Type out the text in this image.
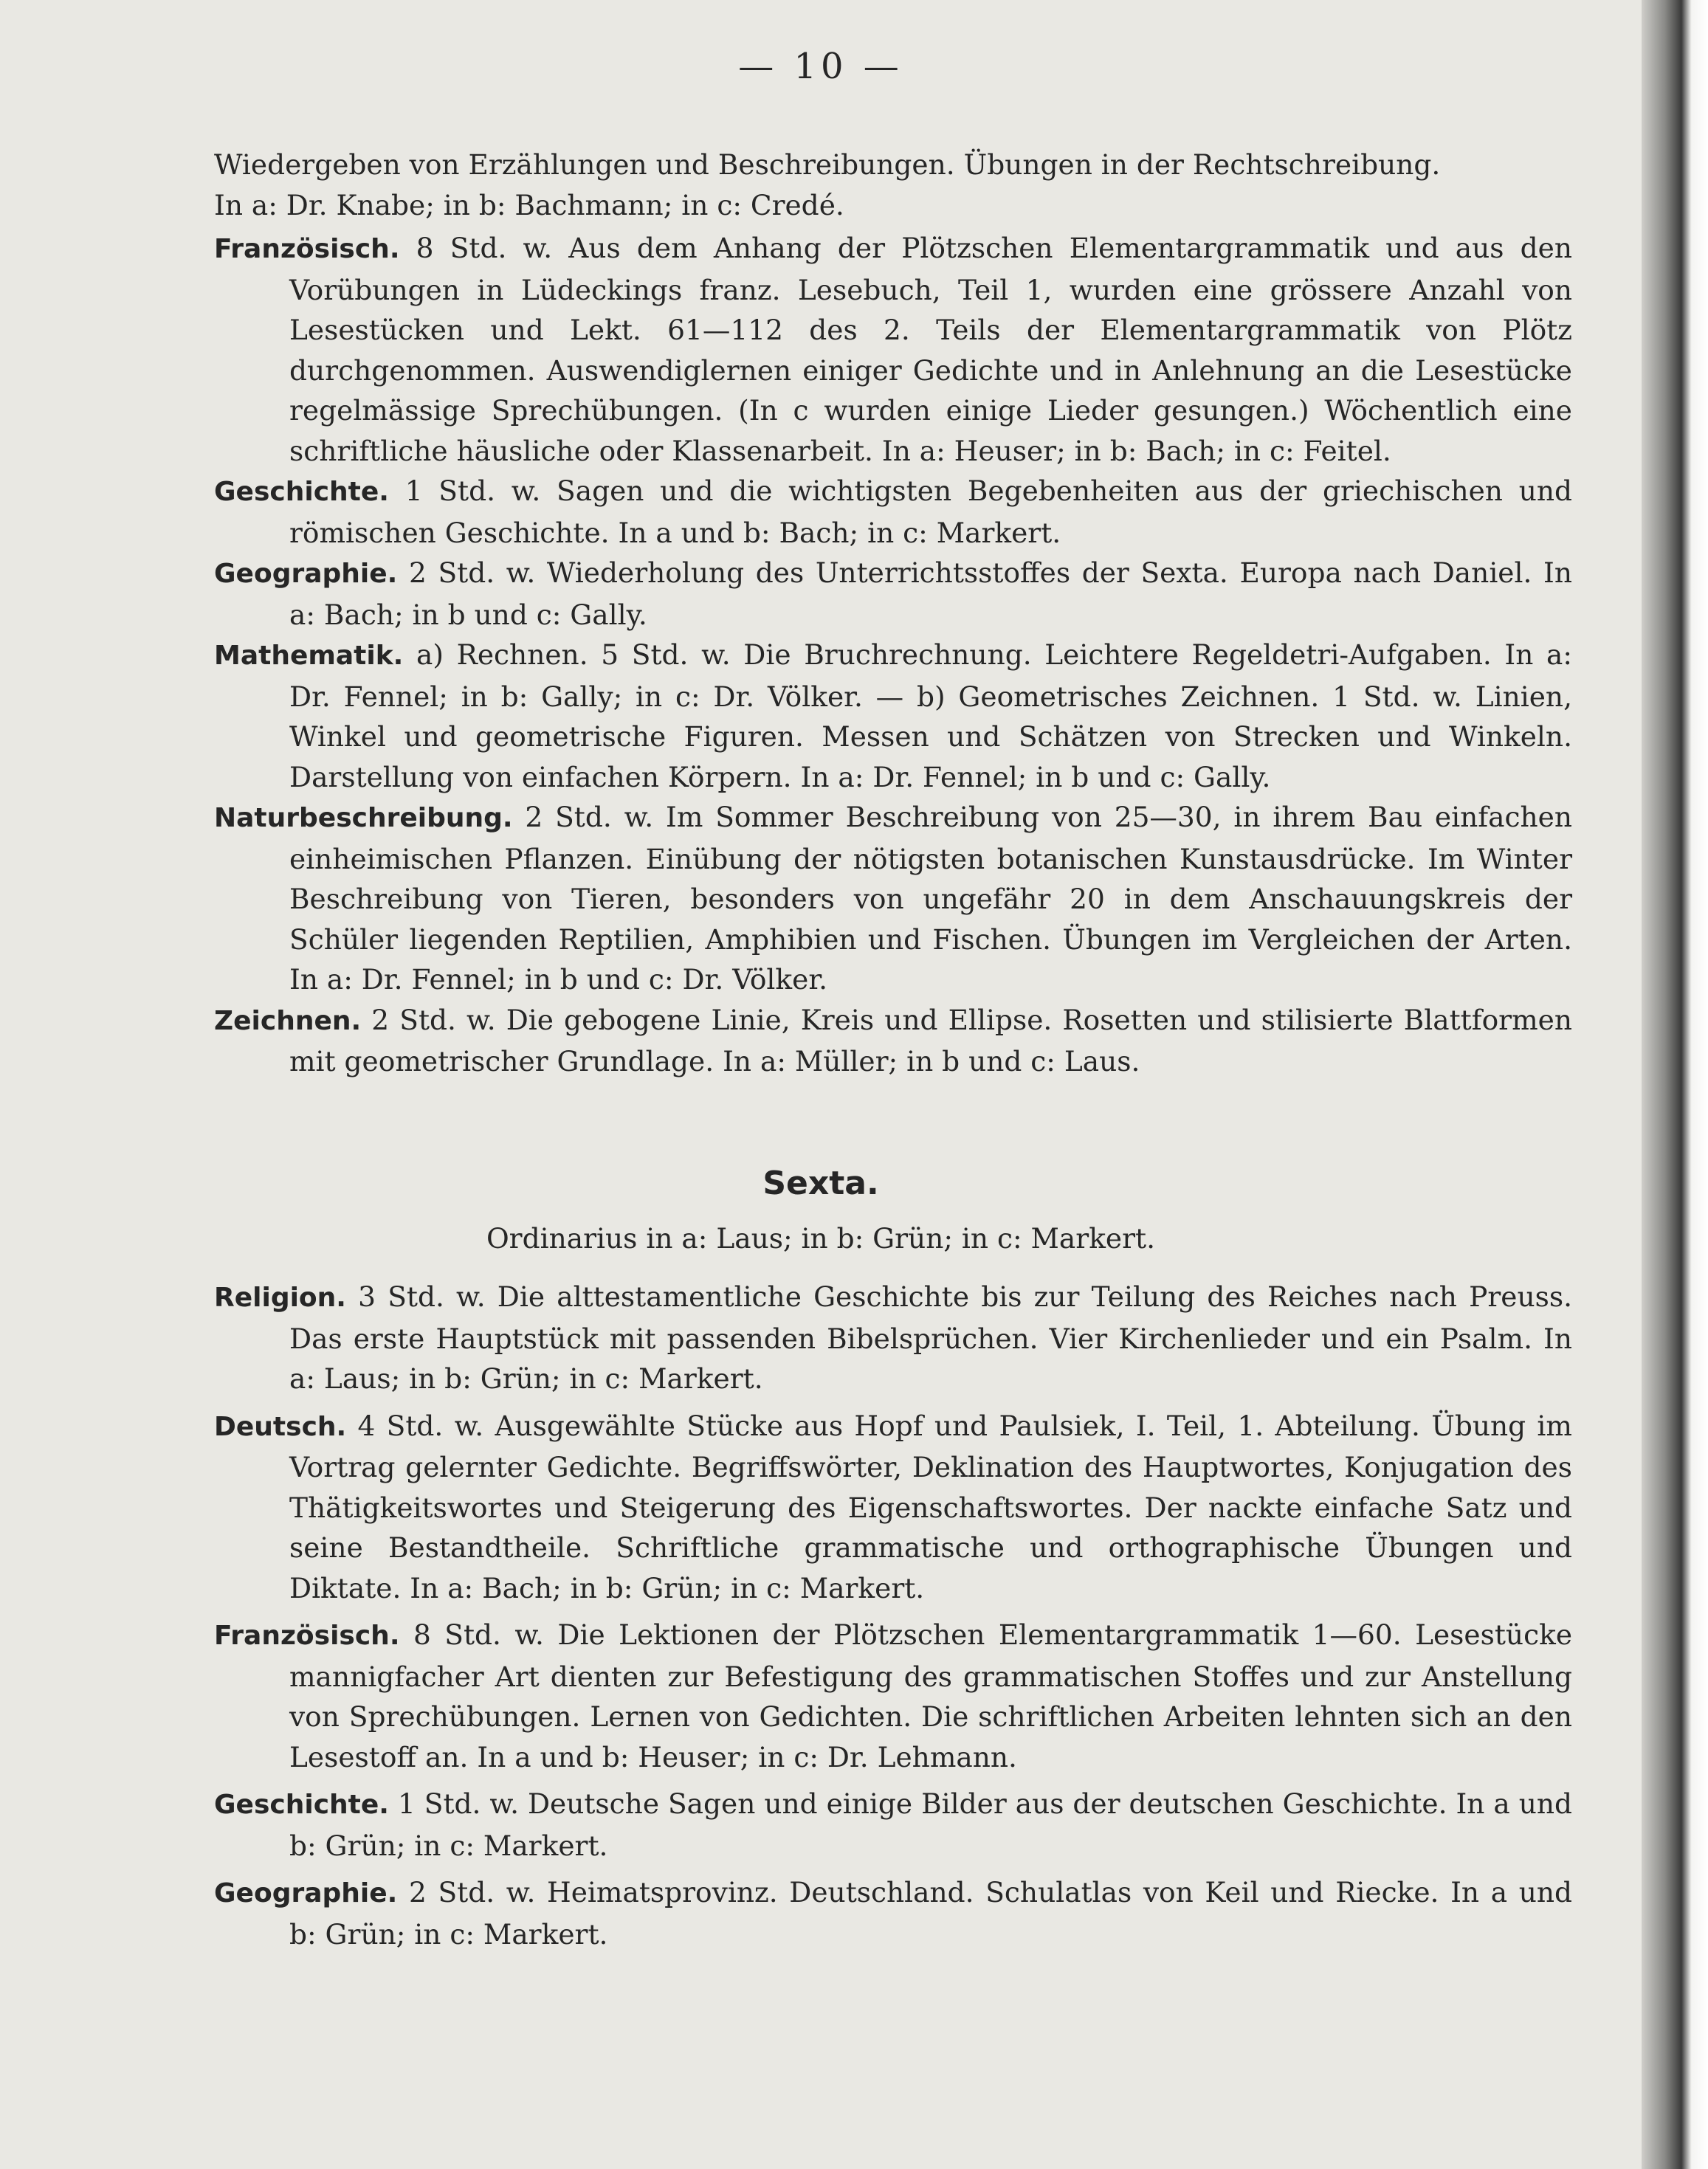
— 10 —

Wiedergeben von Erzählungen und Beschreibungen. Übungen in der Rechtschreibung.

In a: Dr. Knabe; in b: Bachmann; in c: Credé.

Französisch. 8 Std. w. Aus dem Anhang der Plötzschen Elementargrammatik und aus den Vorübungen in Lüdeckings franz. Lesebuch, Teil 1, wurden eine grössere Anzahl von Lesestücken und Lekt. 61—112 des 2. Teils der Elementargrammatik von Plötz durchgenommen. Auswendiglernen einiger Gedichte und in Anlehnung an die Lesestücke regelmässige Sprechübungen. (In c wurden einige Lieder gesungen.) Wöchentlich eine schriftliche häusliche oder Klassenarbeit. In a: Heuser; in b: Bach; in c: Feitel.

Geschichte. 1 Std. w. Sagen und die wichtigsten Begebenheiten aus der griechischen und römischen Geschichte. In a und b: Bach; in c: Markert.

Geographie. 2 Std. w. Wiederholung des Unterrichtsstoffes der Sexta. Europa nach Daniel. In a: Bach; in b und c: Gally.

Mathematik. a) Rechnen. 5 Std. w. Die Bruchrechnung. Leichtere Regeldetri-Aufgaben. In a: Dr. Fennel; in b: Gally; in c: Dr. Völker. — b) Geometrisches Zeichnen. 1 Std. w. Linien, Winkel und geometrische Figuren. Messen und Schätzen von Strecken und Winkeln. Darstellung von einfachen Körpern. In a: Dr. Fennel; in b und c: Gally.

Naturbeschreibung. 2 Std. w. Im Sommer Beschreibung von 25—30, in ihrem Bau einfachen einheimischen Pflanzen. Einübung der nötigsten botanischen Kunstausdrücke. Im Winter Beschreibung von Tieren, besonders von ungefähr 20 in dem Anschauungskreis der Schüler liegenden Reptilien, Amphibien und Fischen. Übungen im Vergleichen der Arten. In a: Dr. Fennel; in b und c: Dr. Völker.

Zeichnen. 2 Std. w. Die gebogene Linie, Kreis und Ellipse. Rosetten und stilisierte Blattformen mit geometrischer Grundlage. In a: Müller; in b und c: Laus.

Sexta.
Ordinarius in a: Laus; in b: Grün; in c: Markert.

Religion. 3 Std. w. Die alttestamentliche Geschichte bis zur Teilung des Reiches nach Preuss. Das erste Hauptstück mit passenden Bibelsprüchen. Vier Kirchenlieder und ein Psalm. In a: Laus; in b: Grün; in c: Markert.

Deutsch. 4 Std. w. Ausgewählte Stücke aus Hopf und Paulsiek, I. Teil, 1. Abteilung. Übung im Vortrag gelernter Gedichte. Begriffswörter, Deklination des Hauptwortes, Konjugation des Thätigkeitswortes und Steigerung des Eigenschaftswortes. Der nackte einfache Satz und seine Bestandtheile. Schriftliche grammatische und orthographische Übungen und Diktate. In a: Bach; in b: Grün; in c: Markert.

Französisch. 8 Std. w. Die Lektionen der Plötzschen Elementargrammatik 1—60. Lesestücke mannigfacher Art dienten zur Befestigung des grammatischen Stoffes und zur Anstellung von Sprechübungen. Lernen von Gedichten. Die schriftlichen Arbeiten lehnten sich an den Lesestoff an. In a und b: Heuser; in c: Dr. Lehmann.

Geschichte. 1 Std. w. Deutsche Sagen und einige Bilder aus der deutschen Geschichte. In a und b: Grün; in c: Markert.

Geographie. 2 Std. w. Heimatsprovinz. Deutschland. Schulatlas von Keil und Riecke. In a und b: Grün; in c: Markert.
